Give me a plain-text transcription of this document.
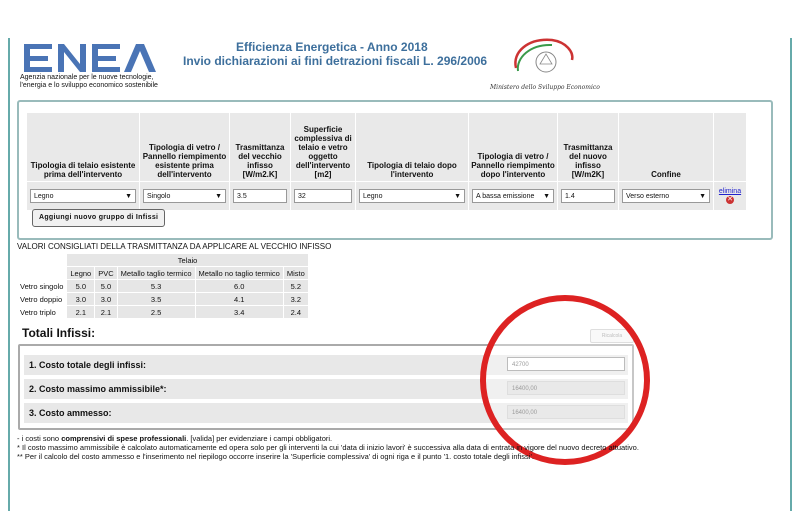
Agenzia nazionale per le nuove tecnologie,
l'energia e lo sviluppo economico sostenibile
Efficienza Energetica - Anno 2018
Invio dichiarazioni ai fini detrazioni fiscali L. 296/2006
Ministero dello Sviluppo Economico
Tipologia di telaio esistente prima dell'intervento	Tipologia di vetro / Pannello riempimento esistente prima dell'intervento	Trasmittanza del vecchio infisso [W/m2.K]	Superficie complessiva di telaio e vetro oggetto dell'intervento [m2]	Tipologia di telaio dopo l'intervento	Tipologia di vetro / Pannello riempimento dopo l'intervento	Trasmittanza del nuovo infisso [W/m2K]	Confine	

Legno ▼	Singolo ▼	3.5	32	Legno ▼	A bassa emissione ▼	1.4	Verso esterno ▼	elimina
✕
Aggiungi nuovo gruppo di Infissi
VALORI CONSIGLIATI DELLA TRASMITTANZA DA APPLICARE AL VECCHIO INFISSO
	Telaio				
	Legno	PVC	Metallo taglio termico	Metallo no taglio termico	Misto
Vetro singolo	5.0	5.0	5.3	6.0	5.2
Vetro doppio	3.0	3.0	3.5	4.1	3.2
Vetro triplo	2.1	2.1	2.5	3.4	2.4
Totali Infissi:	Ricalcola
1. Costo totale degli infissi:	42700
2. Costo massimo ammissibile*:	16400,00
3. Costo ammesso:	16400,00
- i costi sono comprensivi di spese professionali. [valida] per evidenziare i campi obbligatori.
* Il costo massimo ammissibile è calcolato automaticamente ed opera solo per gli interventi la cui 'data di inizio lavori' è successiva alla data di entrata in vigore del nuovo decreto attuativo.
** Per il calcolo del costo ammesso e l'inserimento nel riepilogo occorre inserire la 'Superficie complessiva' di ogni riga e il punto '1. costo totale degli infissi'.
